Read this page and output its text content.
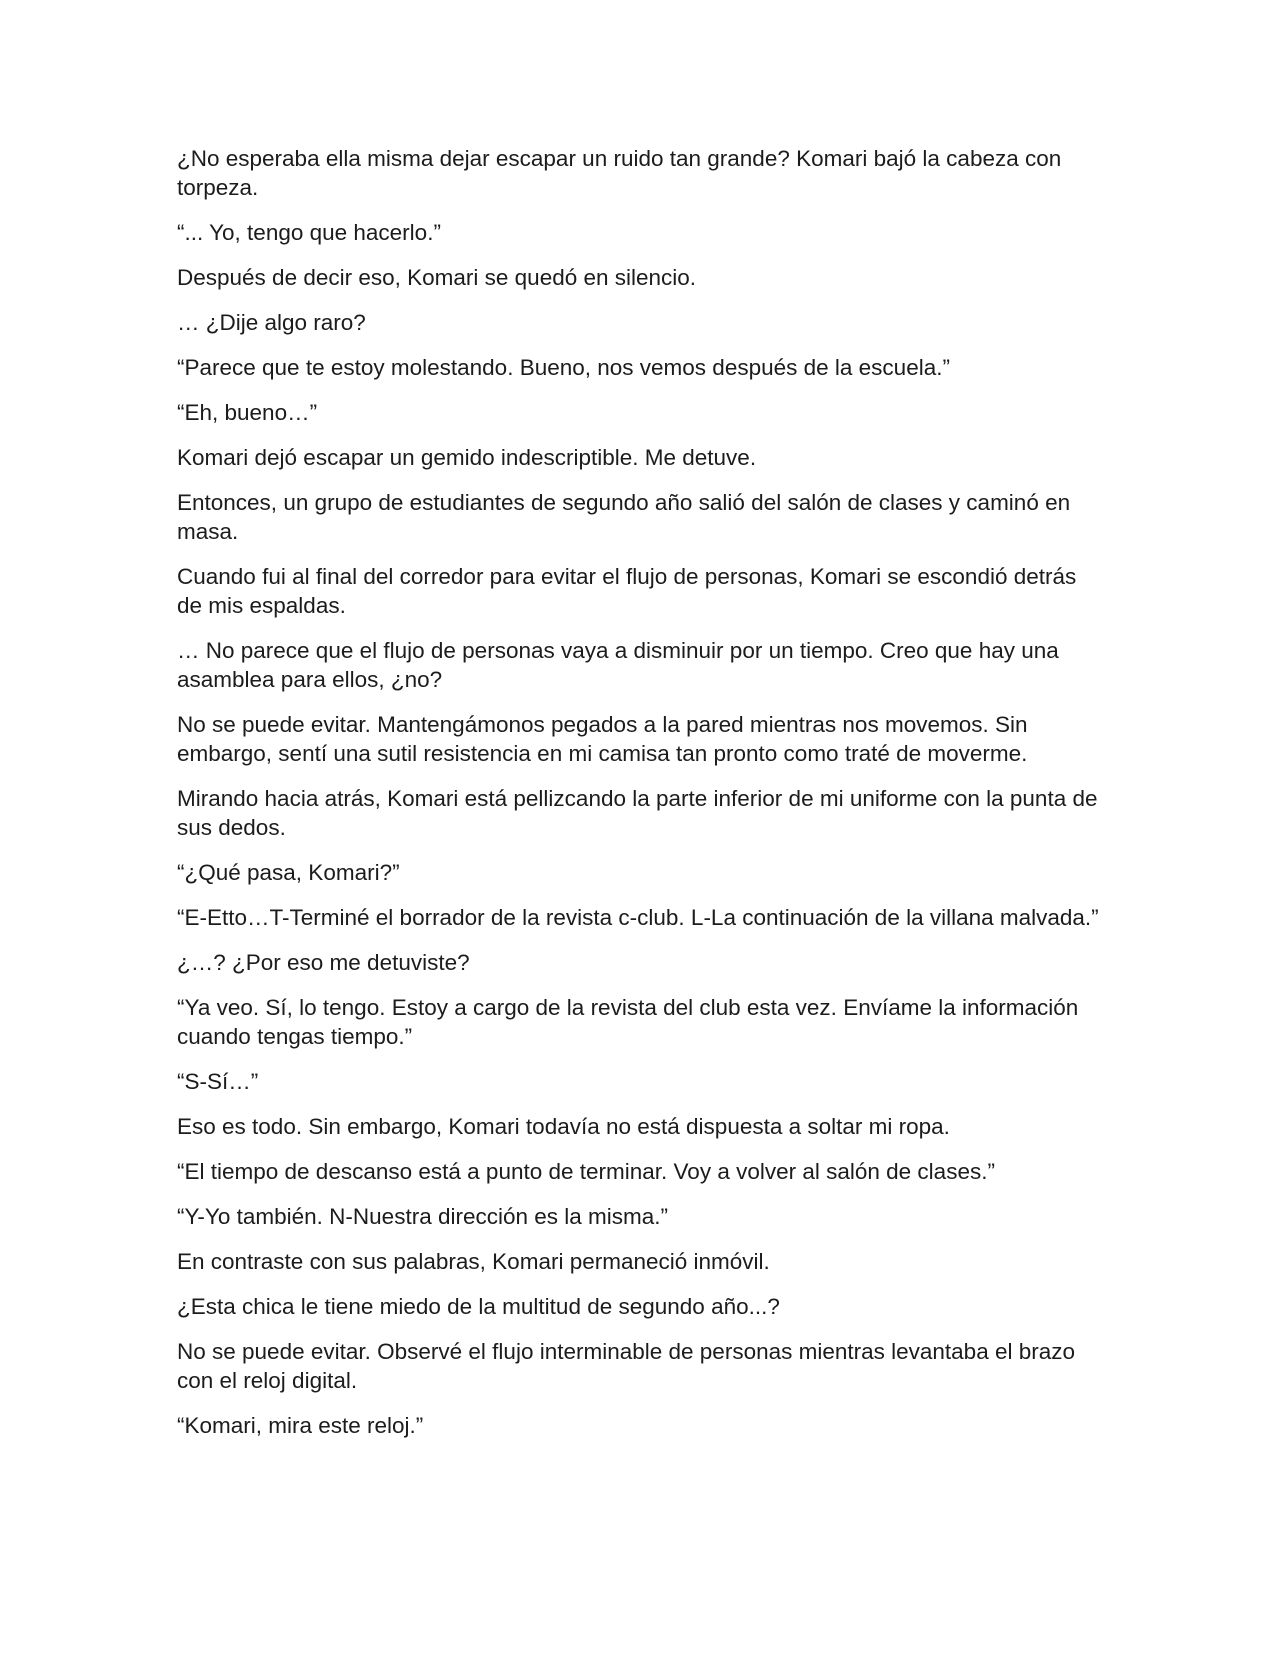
¿No esperaba ella misma dejar escapar un ruido tan grande? Komari bajó la cabeza con torpeza.

“... Yo, tengo que hacerlo.”

Después de decir eso, Komari se quedó en silencio.

… ¿Dije algo raro?

“Parece que te estoy molestando. Bueno, nos vemos después de la escuela.”

“Eh, bueno…”

Komari dejó escapar un gemido indescriptible. Me detuve.

Entonces, un grupo de estudiantes de segundo año salió del salón de clases y caminó en masa.

Cuando fui al final del corredor para evitar el flujo de personas, Komari se escondió detrás de mis espaldas.

… No parece que el flujo de personas vaya a disminuir por un tiempo. Creo que hay una asamblea para ellos, ¿no?

No se puede evitar. Mantengámonos pegados a la pared mientras nos movemos. Sin embargo, sentí una sutil resistencia en mi camisa tan pronto como traté de moverme.

Mirando hacia atrás, Komari está pellizcando la parte inferior de mi uniforme con la punta de sus dedos.

“¿Qué pasa, Komari?”

“E-Etto…T-Terminé el borrador de la revista c-club. L-La continuación de la villana malvada.”

¿…? ¿Por eso me detuviste?

“Ya veo. Sí, lo tengo. Estoy a cargo de la revista del club esta vez. Envíame la información cuando tengas tiempo.”

“S-Sí…”

Eso es todo. Sin embargo, Komari todavía no está dispuesta a soltar mi ropa.

“El tiempo de descanso está a punto de terminar. Voy a volver al salón de clases.”

“Y-Yo también. N-Nuestra dirección es la misma.”

En contraste con sus palabras, Komari permaneció inmóvil.

¿Esta chica le tiene miedo de la multitud de segundo año...?

No se puede evitar. Observé el flujo interminable de personas mientras levantaba el brazo con el reloj digital.

“Komari, mira este reloj.”
